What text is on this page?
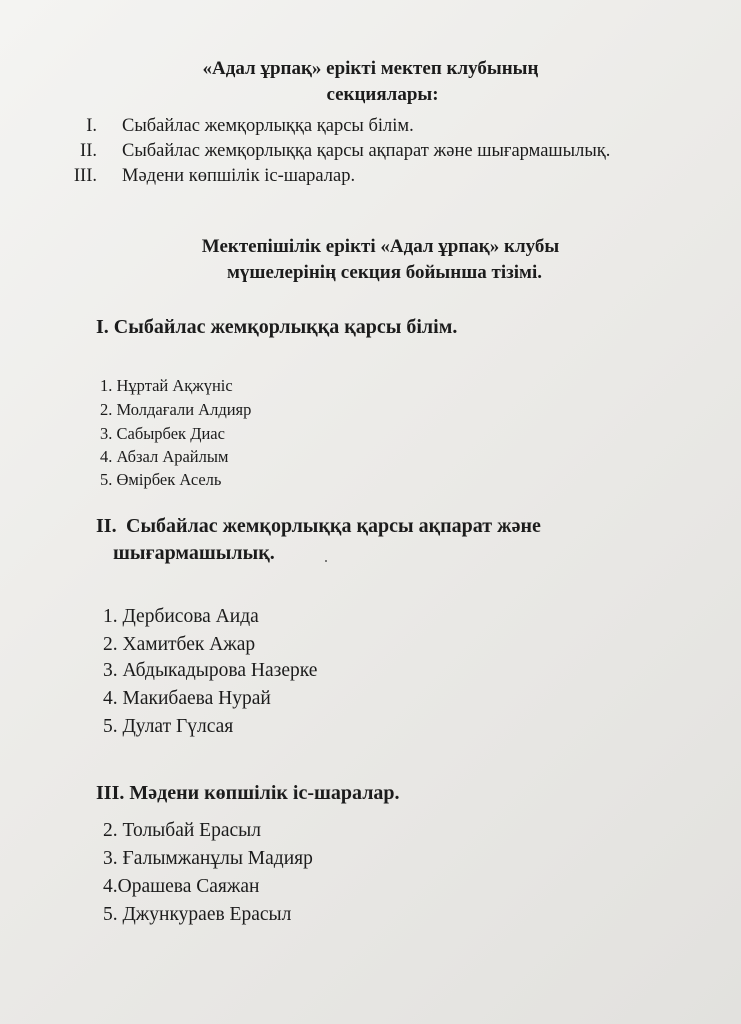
«Адал ұрпақ» ерікті мектеп клубының
секциялары:
I. Сыбайлас жемқорлыққа қарсы білім.
II. Сыбайлас жемқорлыққа қарсы ақпарат және шығармашылық.
III. Мәдени көпшілік іс-шаралар.
Мектепішілік ерікті «Адал ұрпақ» клубы
мүшелерінің секция бойынша тізімі.
I. Сыбайлас жемқорлыққа қарсы білім.
1. Нұртай Ақжүніс
2. Молдағали Алдияр
3. Сабырбек Диас
4. Абзал Арайлым
5. Өмірбек Асель
II. Сыбайлас жемқорлыққа қарсы ақпарат және
шығармашылық.
1. Дербисова Аида
2. Хамитбек Ажар
3. Абдыкадырова Назерке
4. Макибаева Нурай
5. Дулат Гүлсая
III. Мәдени көпшілік іс-шаралар.
2. Толыбай Ерасыл
3. Ғалымжанұлы Мадияр
4.Орашева Саяжан
5. Джункураев Ерасыл
